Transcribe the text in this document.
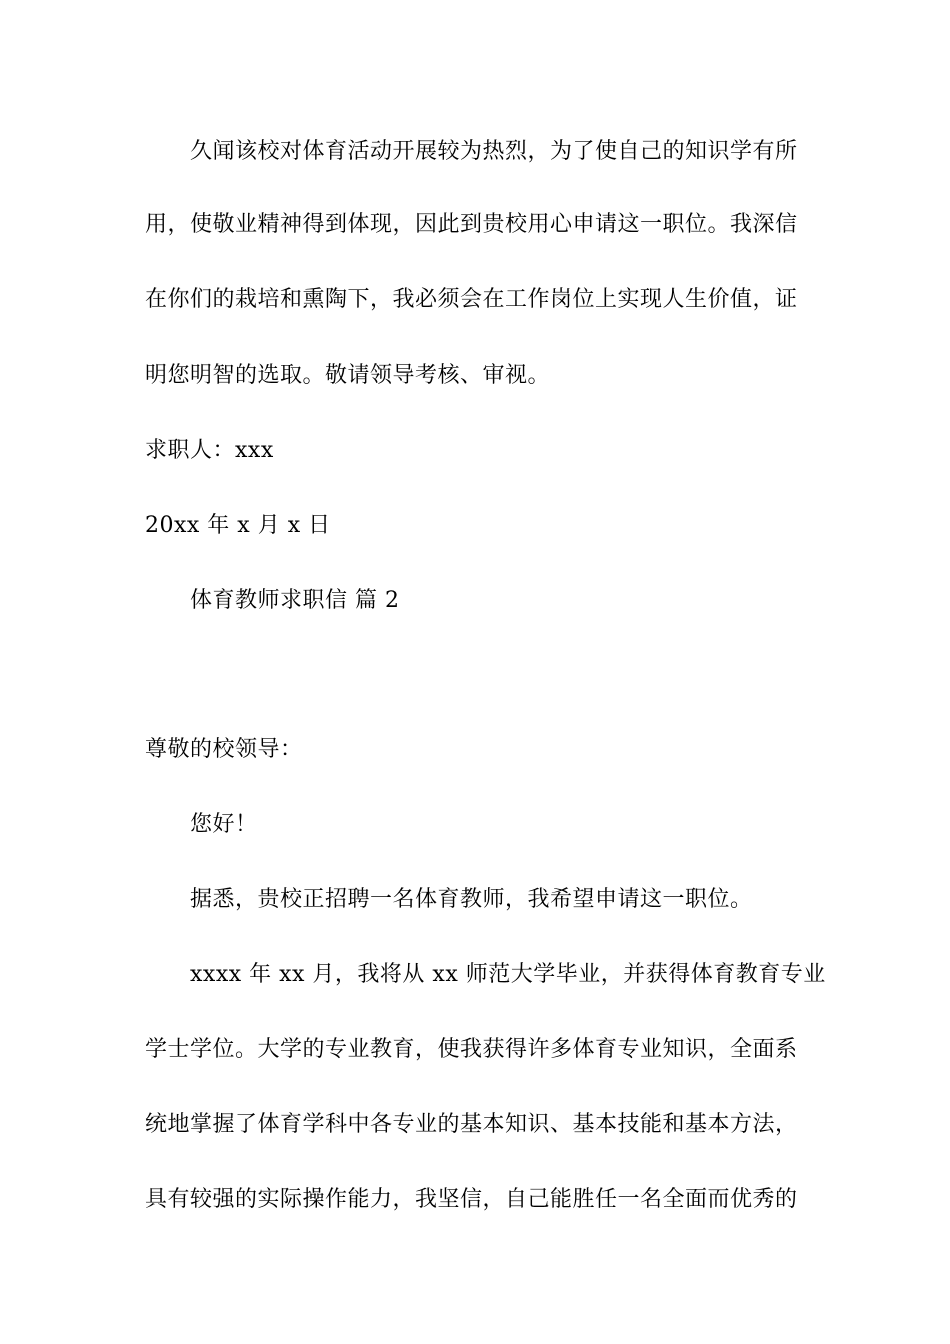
久闻该校对体育活动开展较为热烈，为了使自己的知识学有所
用，使敬业精神得到体现，因此到贵校用心申请这一职位。我深信
在你们的栽培和熏陶下，我必须会在工作岗位上实现人生价值，证
明您明智的选取。敬请领导考核、审视。
求职人：xxx
20xx 年 x 月 x 日
体育教师求职信 篇 2
尊敬的校领导：
您好！
据悉，贵校正招聘一名体育教师，我希望申请这一职位。
xxxx 年 xx 月，我将从 xx 师范大学毕业，并获得体育教育专业
学士学位。大学的专业教育，使我获得许多体育专业知识，全面系
统地掌握了体育学科中各专业的基本知识、基本技能和基本方法，
具有较强的实际操作能力，我坚信，自己能胜任一名全面而优秀的
